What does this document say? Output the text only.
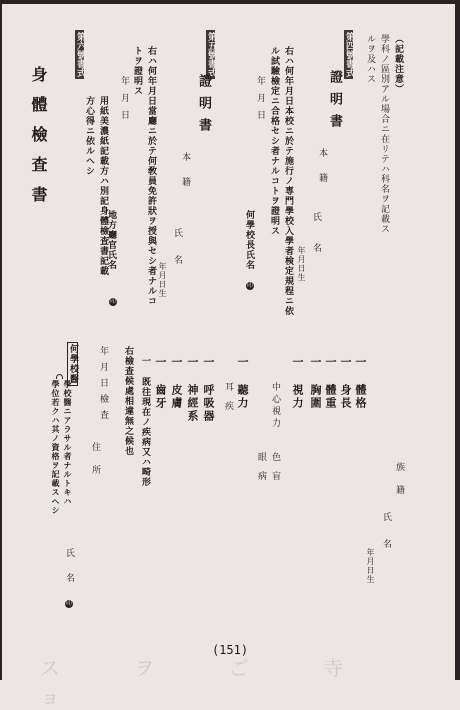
（記載注意）
學科ノ區別アル場合ニ在リテハ科名ヲ記載ス
ルヲ及ハス
第四號書式
證明書
本籍
氏名
年月日生
右ハ何年月日本校ニ於テ施行ノ専門學校入學者検定規程ニ依
ル試驗檢定ニ合格セシ者ナルコトヲ證明ス
年月日
何學校長氏名
印
第五號書式
證明書
本籍
氏名
年月日生
右ハ何年月日當廳ニ於テ何敎員免許狀ヲ授與セシ者ナルコ
トヲ證明ス
年月日
地方廳官氏名
印
第六號書式
用紙美濃紙記載方ハ別記身體檢査書記載
方心得ニ依ルヘシ
身體檢査書
族籍
氏名
年月日生
一 體格
一 身長
一 體重
一 胸圍
一 視力
中心視力
色盲
眼病
一 聽力
耳疾
一 呼吸器
一 神經系
一 皮膚
一 齒牙
一 既往現在ノ疾病又ハ畸形
右檢查候處相違無之候也
年月日檢査
住所
何學校醫
學校醫ニアラサル者ナルトキハ
學位若クハ其ノ資格ヲ記載スヘシ
氏名
印
(151)
ス ヲ ご 寺 ョ
